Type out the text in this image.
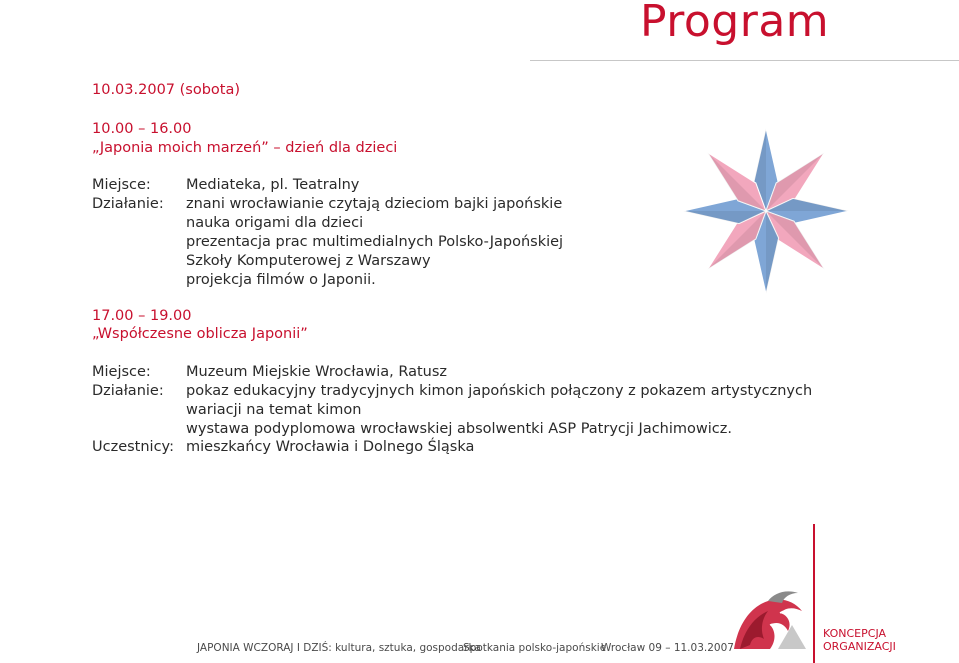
Program
10.03.2007 (sobota)
10.00 – 16.00
„Japonia moich marzeń” – dzień dla dzieci
Miejsce: Mediateka, pl. Teatralny
Działanie: znani wrocławianie czytają dzieciom bajki japońskie
nauka origami dla dzieci
prezentacja prac multimedialnych Polsko-Japońskiej
Szkoły Komputerowej z Warszawy
projekcja filmów o Japonii.
17.00 – 19.00
„Współczesne oblicza Japonii”
Miejsce: Muzeum Miejskie Wrocławia, Ratusz
Działanie: pokaz edukacyjny tradycyjnych kimon japońskich połączony z pokazem artystycznych
wariacji na temat kimon
wystawa podyplomowa wrocławskiej absolwentki ASP Patrycji Jachimowicz.
Uczestnicy: mieszkańcy Wrocławia i Dolnego Śląska
KONCEPCJA
ORGANIZACJI
JAPONIA WCZORAJ I DZIŚ: kultura, sztuka, gospodarka
Spotkania polsko-japońskie
Wrocław 09 – 11.03.2007
